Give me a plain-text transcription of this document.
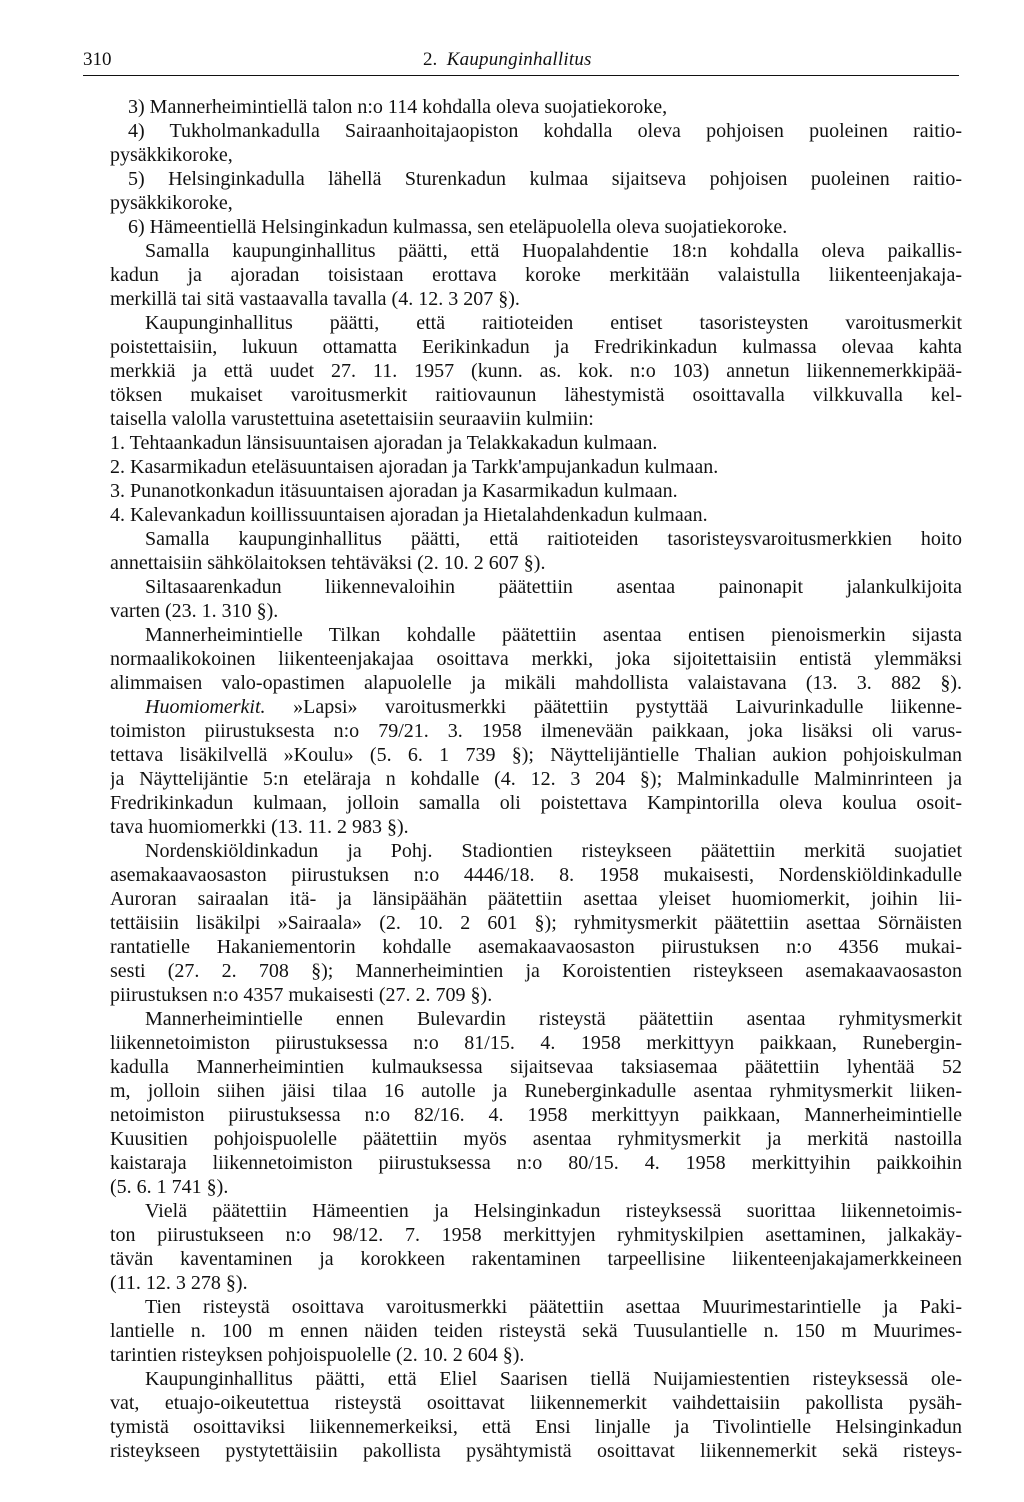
310	2. Kaupunginhallitus
3) Mannerheimintiellä talon n:o 114 kohdalla oleva suojatiekoroke,
4) Tukholmankadulla Sairaanhoitajaopiston kohdalla oleva pohjoisen puoleinen raitio-
pysäkkikoroke,
5) Helsinginkadulla lähellä Sturenkadun kulmaa sijaitseva pohjoisen puoleinen raitio-
pysäkkikoroke,
6) Hämeentiellä Helsinginkadun kulmassa, sen eteläpuolella oleva suojatiekoroke.
Samalla kaupunginhallitus päätti, että Huopalahdentie 18:n kohdalla oleva paikallis-
kadun ja ajoradan toisistaan erottava koroke merkitään valaistulla liikenteenjakaja-
merkillä tai sitä vastaavalla tavalla (4. 12. 3 207 §).
Kaupunginhallitus päätti, että raitioteiden entiset tasoristeysten varoitusmerkit
poistettaisiin, lukuun ottamatta Eerikinkadun ja Fredrikinkadun kulmassa olevaa kahta
merkkiä ja että uudet 27. 11. 1957 (kunn. as. kok. n:o 103) annetun liikennemerkkipää-
töksen mukaiset varoitusmerkit raitiovaunun lähestymistä osoittavalla vilkkuvalla kel-
taisella valolla varustettuina asetettaisiin seuraaviin kulmiin:
1. Tehtaankadun länsisuuntaisen ajoradan ja Telakkakadun kulmaan.
2. Kasarmikadun eteläsuuntaisen ajoradan ja Tarkk'ampujankadun kulmaan.
3. Punanotkonkadun itäsuuntaisen ajoradan ja Kasarmikadun kulmaan.
4. Kalevankadun koillissuuntaisen ajoradan ja Hietalahdenkadun kulmaan.
Samalla kaupunginhallitus päätti, että raitioteiden tasoristeysvaroitusmerkkien hoito
annettaisiin sähkölaitoksen tehtäväksi (2. 10. 2 607 §).
Siltasaarenkadun liikennevaloihin päätettiin asentaa painonapit jalankulkijoita
varten (23. 1. 310 §).
Mannerheimintielle Tilkan kohdalle päätettiin asentaa entisen pienoismerkin sijasta
normaalikokoinen liikenteenjakajaa osoittava merkki, joka sijoitettaisiin entistä ylemmäksi
alimmaisen valo-opastimen alapuolelle ja mikäli mahdollista valaistavana (13. 3. 882 §).
Huomiomerkit. »Lapsi» varoitusmerkki päätettiin pystyttää Laivurinkadulle liikenne-
toimiston piirustuksesta n:o 79/21. 3. 1958 ilmenevään paikkaan, joka lisäksi oli varus-
tettava lisäkilvellä »Koulu» (5. 6. 1 739 §); Näyttelijäntielle Thalian aukion pohjoiskulman
ja Näyttelijäntie 5:n eteläraja n kohdalle (4. 12. 3 204 §); Malminkadulle Malminrinteen ja
Fredrikinkadun kulmaan, jolloin samalla oli poistettava Kampintorilla oleva koulua osoit-
tava huomiomerkki (13. 11. 2 983 §).
Nordenskiöldinkadun ja Pohj. Stadiontien risteykseen päätettiin merkitä suojatiet
asemakaavaosaston piirustuksen n:o 4446/18. 8. 1958 mukaisesti, Nordenskiöldinkadulle
Auroran sairaalan itä- ja länsipäähän päätettiin asettaa yleiset huomiomerkit, joihin lii-
tettäisiin lisäkilpi »Sairaala» (2. 10. 2 601 §); ryhmitysmerkit päätettiin asettaa Sörnäisten
rantatielle Hakaniementorin kohdalle asemakaavaosaston piirustuksen n:o 4356 mukai-
sesti (27. 2. 708 §); Mannerheimintien ja Koroistentien risteykseen asemakaavaosaston
piirustuksen n:o 4357 mukaisesti (27. 2. 709 §).
Mannerheimintielle ennen Bulevardin risteystä päätettiin asentaa ryhmitysmerkit
liikennetoimiston piirustuksessa n:o 81/15. 4. 1958 merkittyyn paikkaan, Runebergin-
kadulla Mannerheimintien kulmauksessa sijaitsevaa taksiasemaa päätettiin lyhentää 52
m, jolloin siihen jäisi tilaa 16 autolle ja Runeberginkadulle asentaa ryhmitysmerkit liiken-
netoimiston piirustuksessa n:o 82/16. 4. 1958 merkittyyn paikkaan, Mannerheimintielle
Kuusitien pohjoispuolelle päätettiin myös asentaa ryhmitysmerkit ja merkitä nastoilla
kaistaraja liikennetoimiston piirustuksessa n:o 80/15. 4. 1958 merkittyihin paikkoihin
(5. 6. 1 741 §).
Vielä päätettiin Hämeentien ja Helsinginkadun risteyksessä suorittaa liikennetoimis-
ton piirustukseen n:o 98/12. 7. 1958 merkittyjen ryhmityskilpien asettaminen, jalkakäy-
tävän kaventaminen ja korokkeen rakentaminen tarpeellisine liikenteenjakajamerkkeineen
(11. 12. 3 278 §).
Tien risteystä osoittava varoitusmerkki päätettiin asettaa Muurimestarintielle ja Paki-
lantielle n. 100 m ennen näiden teiden risteystä sekä Tuusulantielle n. 150 m Muurimes-
tarintien risteyksen pohjoispuolelle (2. 10. 2 604 §).
Kaupunginhallitus päätti, että Eliel Saarisen tiellä Nuijamiestentien risteyksessä ole-
vat, etuajo-oikeutettua risteystä osoittavat liikennemerkit vaihdettaisiin pakollista pysäh-
tymistä osoittaviksi liikennemerkeiksi, että Ensi linjalle ja Tivolintielle Helsinginkadun
risteykseen pystytettäisiin pakollista pysähtymistä osoittavat liikennemerkit sekä risteys-
